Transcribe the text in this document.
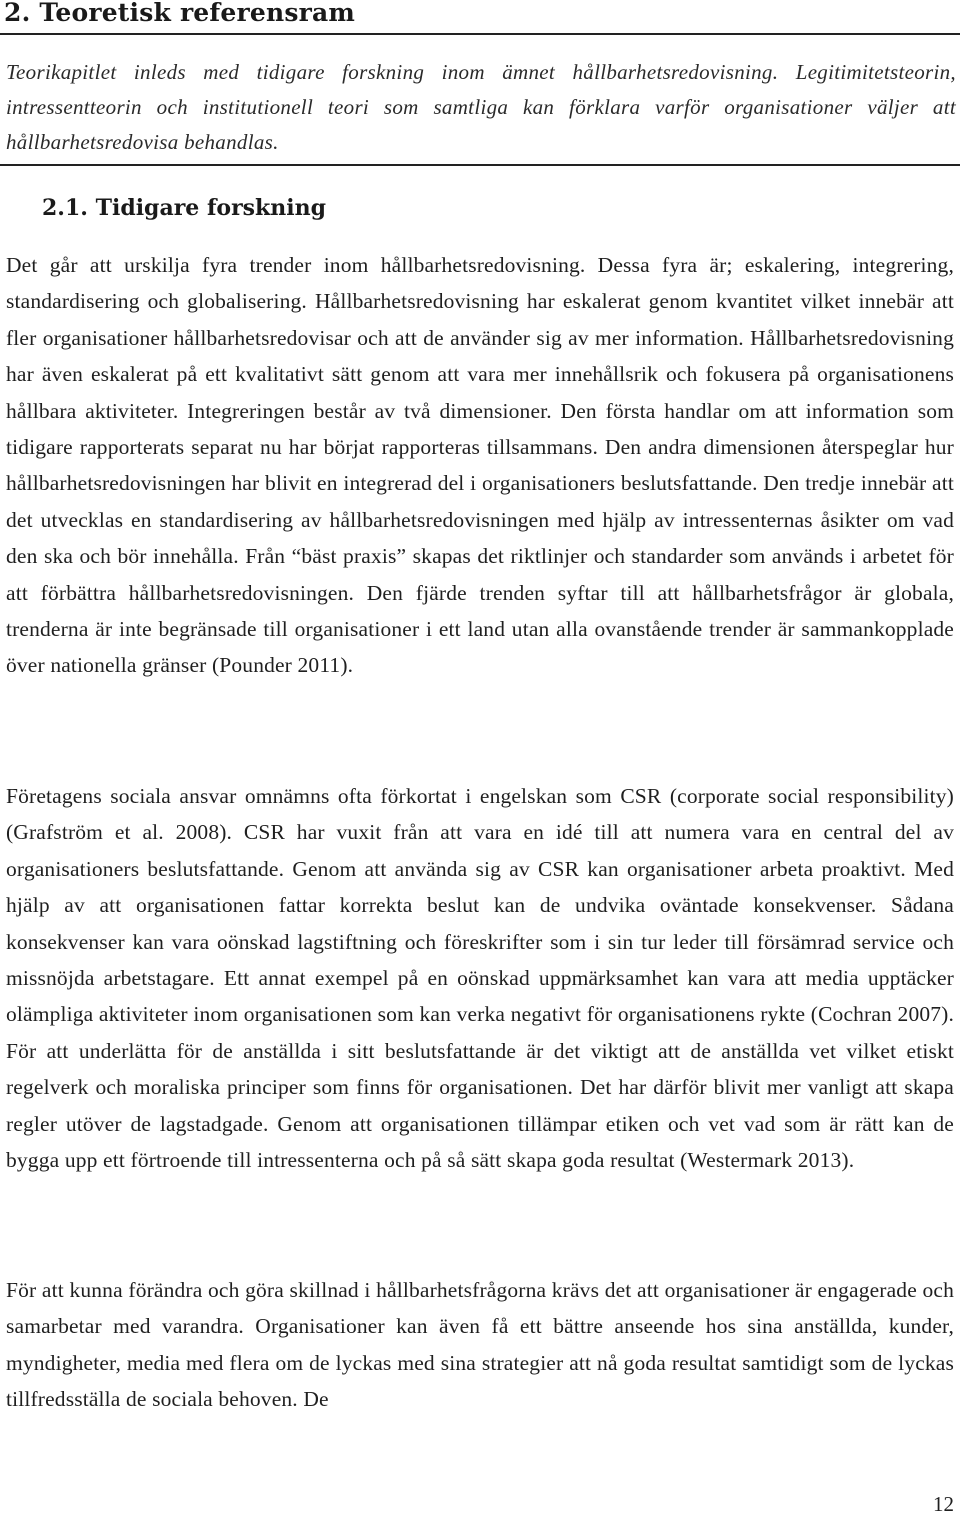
2. Teoretisk referensram

Teorikapitlet inleds med tidigare forskning inom ämnet hållbarhetsredovisning. Legitimitetsteorin, intressentteorin och institutionell teori som samtliga kan förklara varför organisationer väljer att hållbarhetsredovisa behandlas.

2.1. Tidigare forskning

Det går att urskilja fyra trender inom hållbarhetsredovisning. Dessa fyra är; eskalering, integrering, standardisering och globalisering. Hållbarhetsredovisning har eskalerat genom kvantitet vilket innebär att fler organisationer hållbarhetsredovisar och att de använder sig av mer information. Hållbarhetsredovisning har även eskalerat på ett kvalitativt sätt genom att vara mer innehållsrik och fokusera på organisationens hållbara aktiviteter. Integreringen består av två dimensioner. Den första handlar om att information som tidigare rapporterats separat nu har börjat rapporteras tillsammans. Den andra dimensionen återspeglar hur hållbarhetsredovisningen har blivit en integrerad del i organisationers beslutsfattande. Den tredje innebär att det utvecklas en standardisering av hållbarhetsredovisningen med hjälp av intressenternas åsikter om vad den ska och bör innehålla. Från “bäst praxis” skapas det riktlinjer och standarder som används i arbetet för att förbättra hållbarhetsredovisningen. Den fjärde trenden syftar till att hållbarhetsfrågor är globala, trenderna är inte begränsade till organisationer i ett land utan alla ovanstående trender är sammankopplade över nationella gränser (Pounder 2011).

Företagens sociala ansvar omnämns ofta förkortat i engelskan som CSR (corporate social responsibility) (Grafström et al. 2008). CSR har vuxit från att vara en idé till att numera vara en central del av organisationers beslutsfattande. Genom att använda sig av CSR kan organisationer arbeta proaktivt. Med hjälp av att organisationen fattar korrekta beslut kan de undvika oväntade konsekvenser. Sådana konsekvenser kan vara oönskad lagstiftning och föreskrifter som i sin tur leder till försämrad service och missnöjda arbetstagare. Ett annat exempel på en oönskad uppmärksamhet kan vara att media upptäcker olämpliga aktiviteter inom organisationen som kan verka negativt för organisationens rykte (Cochran 2007). För att underlätta för de anställda i sitt beslutsfattande är det viktigt att de anställda vet vilket etiskt regelverk och moraliska principer som finns för organisationen. Det har därför blivit mer vanligt att skapa regler utöver de lagstadgade. Genom att organisationen tillämpar etiken och vet vad som är rätt kan de bygga upp ett förtroende till intressenterna och på så sätt skapa goda resultat (Westermark 2013).

För att kunna förändra och göra skillnad i hållbarhetsfrågorna krävs det att organisationer är engagerade och samarbetar med varandra. Organisationer kan även få ett bättre anseende hos sina anställda, kunder, myndigheter, media med flera om de lyckas med sina strategier att nå goda resultat samtidigt som de lyckas tillfredsställa de sociala behoven. De

12
